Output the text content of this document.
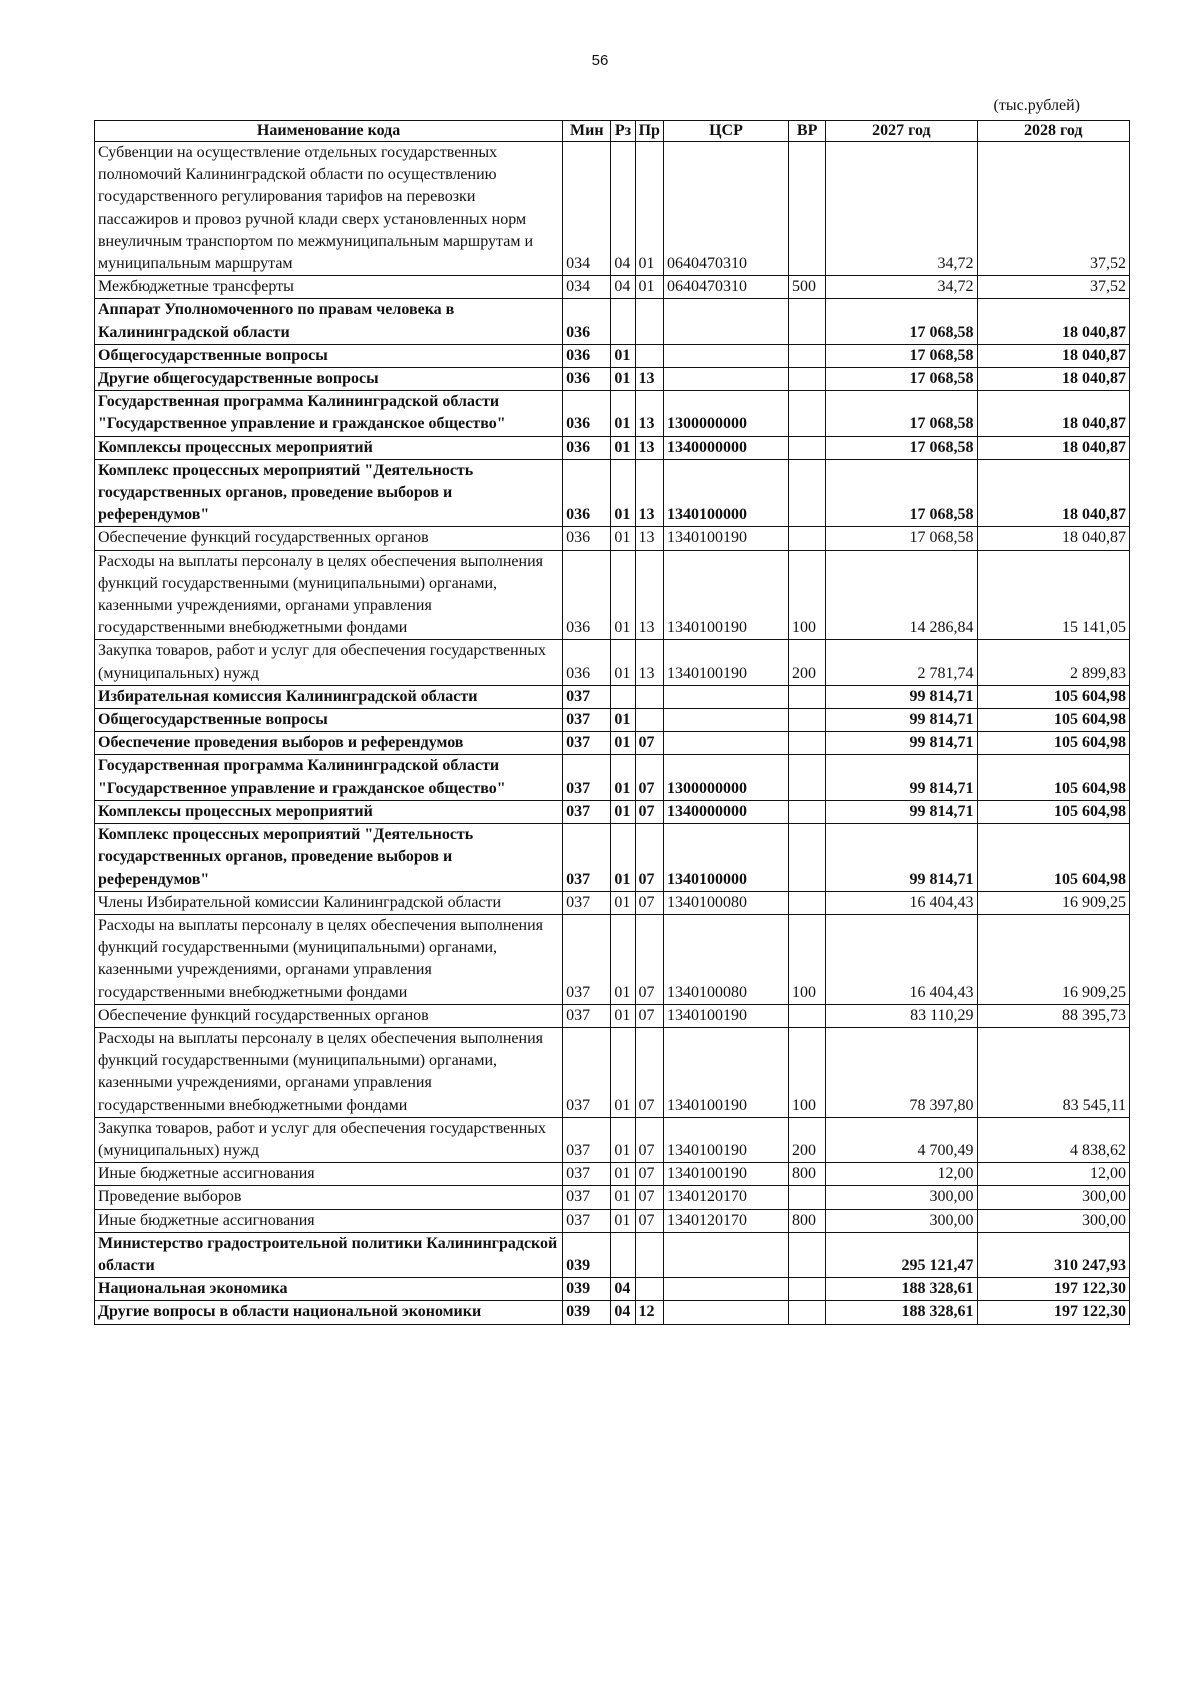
56
(тыс.рублей)
Наименование кода	Мин	Рз	Пр	ЦСР	ВР	2027 год	2028 год
Субвенции на осуществление отдельных государственных полномочий Калининградской области по осуществлению государственного регулирования тарифов на перевозки пассажиров и провоз ручной клади сверх установленных норм внеуличным транспортом по межмуниципальным маршрутам и муниципальным маршрутам	034	04	01	0640470310		34,72	37,52
Межбюджетные трансферты	034	04	01	0640470310	500	34,72	37,52
Аппарат Уполномоченного по правам человека в Калининградской области	036					17 068,58	18 040,87
Общегосударственные вопросы	036	01				17 068,58	18 040,87
Другие общегосударственные вопросы	036	01	13			17 068,58	18 040,87
Государственная программа Калининградской области "Государственное управление и гражданское общество"	036	01	13	1300000000		17 068,58	18 040,87
Комплексы процессных мероприятий	036	01	13	1340000000		17 068,58	18 040,87
Комплекс процессных мероприятий "Деятельность государственных органов, проведение выборов и референдумов"	036	01	13	1340100000		17 068,58	18 040,87
Обеспечение функций государственных органов	036	01	13	1340100190		17 068,58	18 040,87
Расходы на выплаты персоналу в целях обеспечения выполнения функций государственными (муниципальными) органами, казенными учреждениями, органами управления государственными внебюджетными фондами	036	01	13	1340100190	100	14 286,84	15 141,05
Закупка товаров, работ и услуг для обеспечения государственных (муниципальных) нужд	036	01	13	1340100190	200	2 781,74	2 899,83
Избирательная комиссия Калининградской области	037					99 814,71	105 604,98
Общегосударственные вопросы	037	01				99 814,71	105 604,98
Обеспечение проведения выборов и референдумов	037	01	07			99 814,71	105 604,98
Государственная программа Калининградской области "Государственное управление и гражданское общество"	037	01	07	1300000000		99 814,71	105 604,98
Комплексы процессных мероприятий	037	01	07	1340000000		99 814,71	105 604,98
Комплекс процессных мероприятий "Деятельность государственных органов, проведение выборов и референдумов"	037	01	07	1340100000		99 814,71	105 604,98
Члены Избирательной комиссии Калининградской области	037	01	07	1340100080		16 404,43	16 909,25
Расходы на выплаты персоналу в целях обеспечения выполнения функций государственными (муниципальными) органами, казенными учреждениями, органами управления государственными внебюджетными фондами	037	01	07	1340100080	100	16 404,43	16 909,25
Обеспечение функций государственных органов	037	01	07	1340100190		83 110,29	88 395,73
Расходы на выплаты персоналу в целях обеспечения выполнения функций государственными (муниципальными) органами, казенными учреждениями, органами управления государственными внебюджетными фондами	037	01	07	1340100190	100	78 397,80	83 545,11
Закупка товаров, работ и услуг для обеспечения государственных (муниципальных) нужд	037	01	07	1340100190	200	4 700,49	4 838,62
Иные бюджетные ассигнования	037	01	07	1340100190	800	12,00	12,00
Проведение выборов	037	01	07	1340120170		300,00	300,00
Иные бюджетные ассигнования	037	01	07	1340120170	800	300,00	300,00
Министерство градостроительной политики Калининградской области	039					295 121,47	310 247,93
Национальная экономика	039	04				188 328,61	197 122,30
Другие вопросы в области национальной экономики	039	04	12			188 328,61	197 122,30
